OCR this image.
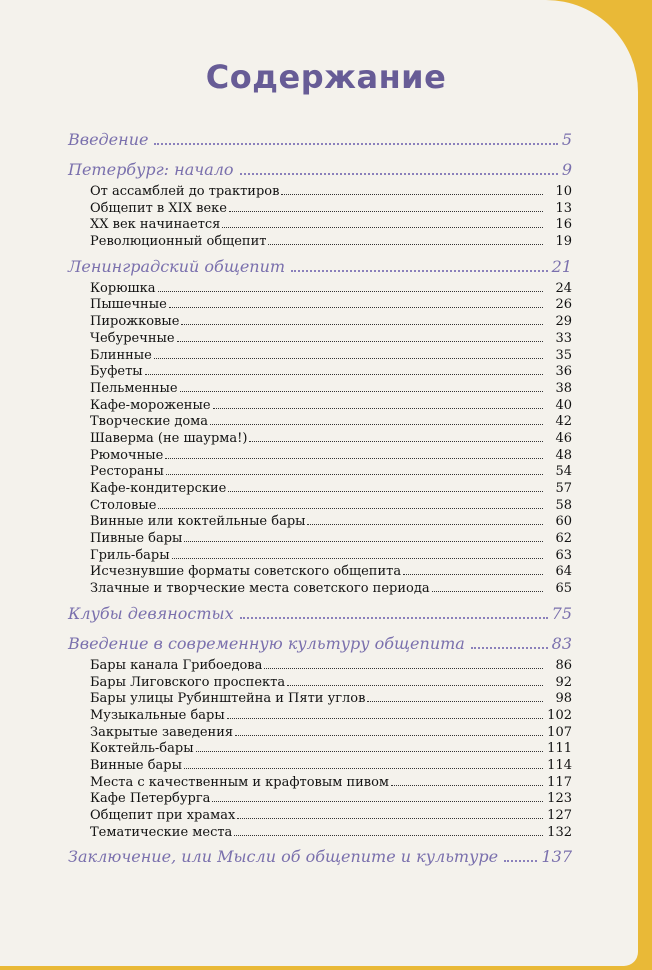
Содержание
Введение	5
Петербург: начало	9
От ассамблей до трактиров	10
Общепит в XIX веке	13
XX век начинается	16
Революционный общепит	19
Ленинградский общепит	21
Корюшка	24
Пышечные	26
Пирожковые	29
Чебуречные	33
Блинные	35
Буфеты	36
Пельменные	38
Кафе-мороженые	40
Творческие дома	42
Шаверма (не шаурма!)	46
Рюмочные	48
Рестораны	54
Кафе-кондитерские	57
Столовые	58
Винные или коктейльные бары	60
Пивные бары	62
Гриль-бары	63
Исчезнувшие форматы советского общепита	64
Злачные и творческие места советского периода	65
Клубы девяностых	75
Введение в современную культуру общепита	83
Бары канала Грибоедова	86
Бары Лиговского проспекта	92
Бары улицы Рубинштейна и Пяти углов	98
Музыкальные бары	102
Закрытые заведения	107
Коктейль-бары	111
Винные бары	114
Места с качественным и крафтовым пивом	117
Кафе Петербурга	123
Общепит при храмах	127
Тематические места	132
Заключение, или Мысли об общепите и культуре	137
